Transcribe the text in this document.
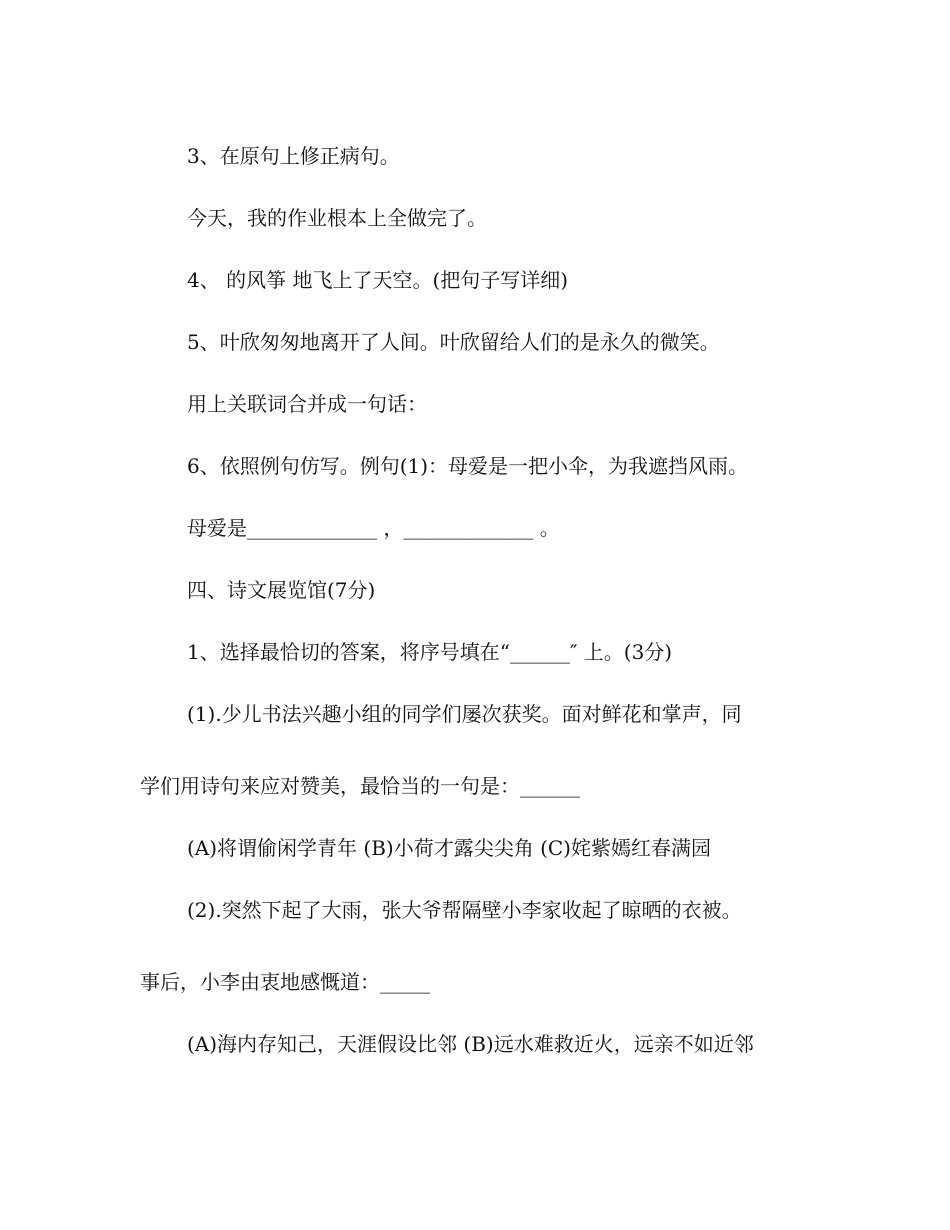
3、在原句上修正病句。
今天，我的作业根本上全做完了。
4、 的风筝 地飞上了天空。(把句子写详细)
5、叶欣匆匆地离开了人间。叶欣留给人们的是永久的微笑。
用上关联词合并成一句话：
6、依照例句仿写。例句(1)：母爱是一把小伞，为我遮挡风雨。
母爱是_____________ ，_____________ 。
四、诗文展览馆(7分)
1、选择最恰切的答案，将序号填在“______″ 上。(3分)
(1).少儿书法兴趣小组的同学们屡次获奖。面对鲜花和掌声，同
学们用诗句来应对赞美，最恰当的一句是：______
(A)将谓偷闲学青年 (B)小荷才露尖尖角 (C)姹紫嫣红春满园
(2).突然下起了大雨，张大爷帮隔壁小李家收起了晾晒的衣被。
事后，小李由衷地感慨道：_____
(A)海内存知己，天涯假设比邻 (B)远水难救近火，远亲不如近邻
